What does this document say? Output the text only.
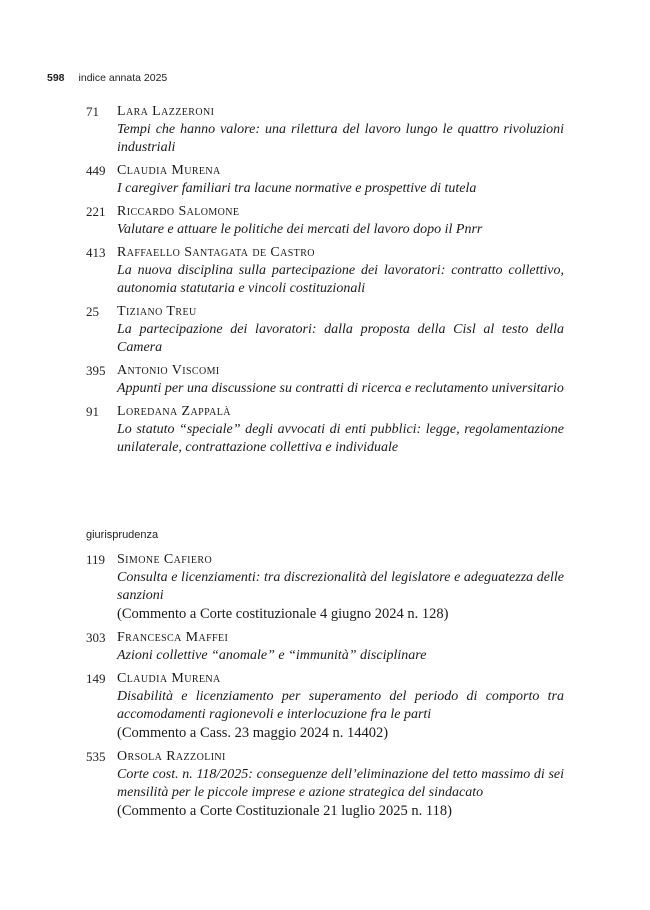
598 indice annata 2025
71	Lara Lazzeroni
Tempi che hanno valore: una rilettura del lavoro lungo le quattro rivoluzioni industriali
449 Claudia Murena
I caregiver familiari tra lacune normative e prospettive di tutela
221 Riccardo Salomone
Valutare e attuare le politiche dei mercati del lavoro dopo il Pnrr
413 Raffaello Santagata de Castro
La nuova disciplina sulla partecipazione dei lavoratori: contratto collettivo, autonomia statutaria e vincoli costituzionali
25	Tiziano Treu
La partecipazione dei lavoratori: dalla proposta della Cisl al testo della Camera
395 Antonio Viscomi
Appunti per una discussione su contratti di ricerca e reclutamento universitario
91	Loredana Zappalà
Lo statuto “speciale” degli avvocati di enti pubblici: legge, regolamentazione unilaterale, contrattazione collettiva e individuale
giurisprudenza
119 Simone Cafiero
Consulta e licenziamenti: tra discrezionalità del legislatore e adeguatezza delle sanzioni
(Commento a Corte costituzionale 4 giugno 2024 n. 128)
303 Francesca Maffei
Azioni collettive “anomale” e “immunità” disciplinare
149 Claudia Murena
Disabilità e licenziamento per superamento del periodo di comporto tra accomodamenti ragionevoli e interlocuzione fra le parti
(Commento a Cass. 23 maggio 2024 n. 14402)
535 Orsola Razzolini
Corte cost. n. 118/2025: conseguenze dell’eliminazione del tetto massimo di sei mensilità per le piccole imprese e azione strategica del sindacato
(Commento a Corte Costituzionale 21 luglio 2025 n. 118)
